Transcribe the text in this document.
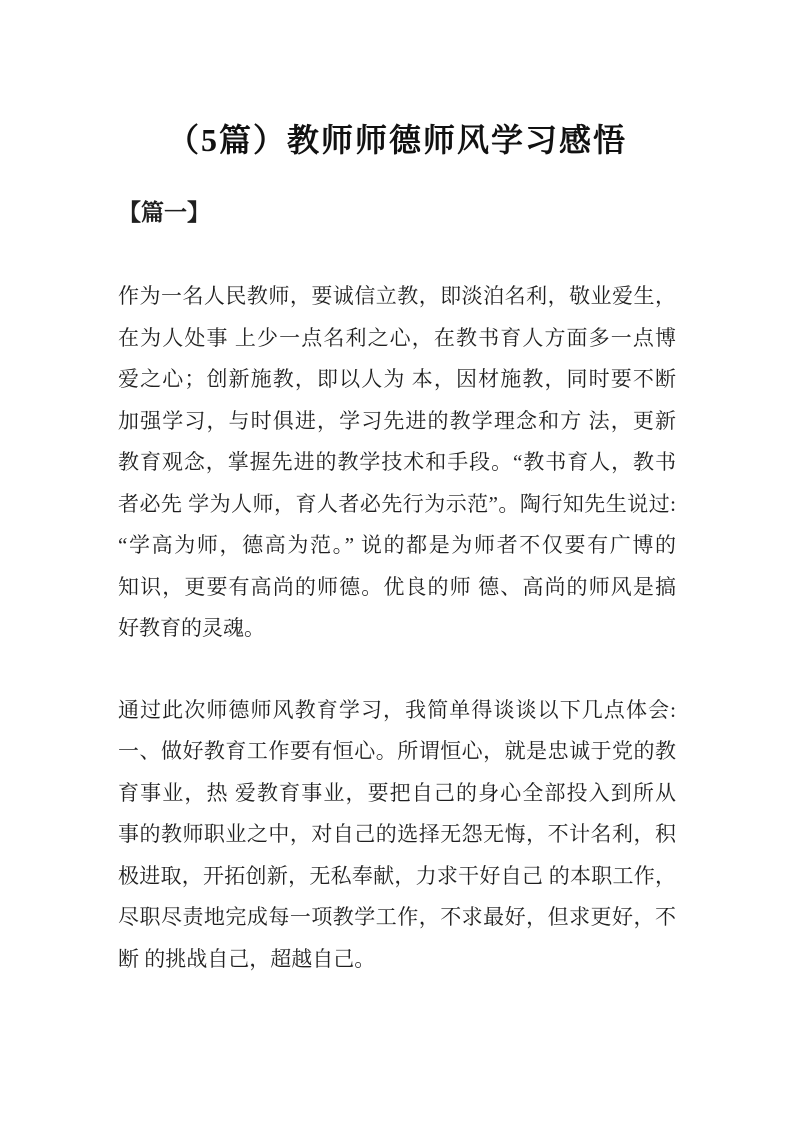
（5篇）教师师德师风学习感悟
【篇一】
作为一名人民教师，要诚信立教，即淡泊名利，敬业爱生，
在为人处事 上少一点名利之心，在教书育人方面多一点博
爱之心；创新施教，即以人为 本，因材施教，同时要不断
加强学习，与时俱进，学习先进的教学理念和方 法，更新
教育观念，掌握先进的教学技术和手段。“教书育人，教书
者必先 学为人师，育人者必先行为示范”。陶行知先生说过:
“学高为师，德高为范。” 说的都是为师者不仅要有广博的
知识，更要有高尚的师德。优良的师 德、高尚的师风是搞
好教育的灵魂。
通过此次师德师风教育学习，我简单得谈谈以下几点体会:
一、做好教育工作要有恒心。所谓恒心，就是忠诚于党的教
育事业，热 爱教育事业，要把自己的身心全部投入到所从
事的教师职业之中，对自己的选择无怨无悔，不计名利，积
极进取，开拓创新，无私奉献，力求干好自己 的本职工作，
尽职尽责地完成每一项教学工作，不求最好，但求更好，不
断 的挑战自己，超越自己。
